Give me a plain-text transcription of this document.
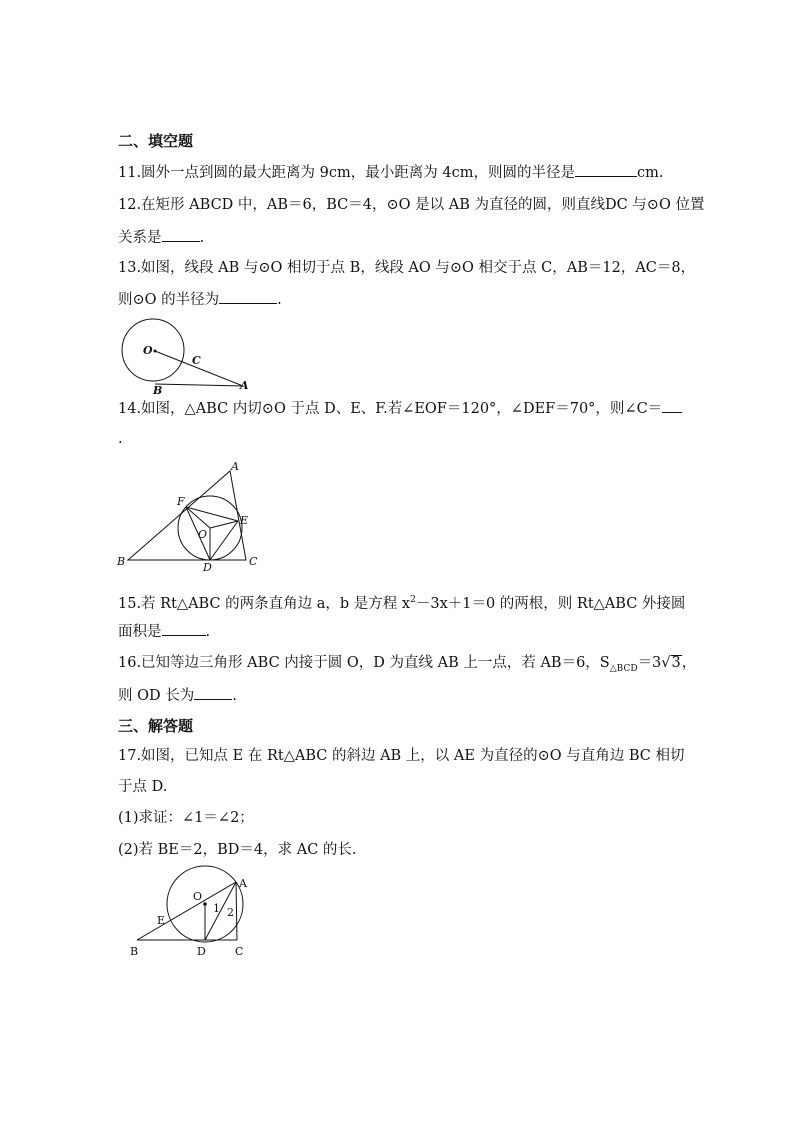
二、填空题
11.圆外一点到圆的最大距离为 9cm，最小距离为 4cm，则圆的半径是	cm.
12.在矩形 ABCD 中，AB＝6，BC＝4，⊙O 是以 AB 为直径的圆，则直线DC 与⊙O 位置
关系是	.
13.如图，线段 AB 与⊙O 相切于点 B，线段 AO 与⊙O 相交于点 C，AB＝12，AC＝8，
则⊙O 的半径为	.
O
C
B	A
14.如图，△ABC 内切⊙O 于点 D、E、F.若∠EOF＝120°，∠DEF＝70°，则∠C＝
.
A
B	C
D
E
F
O
15.若 Rt△ABC 的两条直角边 a，b 是方程 $x^2-3x+1=0$ 的两根，则 Rt△ABC 外接圆
面积是	.
16.已知等边三角形 ABC 内接于圆 O，D 为直线 AB 上一点，若 AB＝6，$S_{\triangle BCD}=3√3$，
则 OD 长为	.
三、解答题
17.如图，已知点 E 在 Rt△ABC 的斜边 AB 上，以 AE 为直径的⊙O 与直角边 BC 相切
于点 D.
(1)求证：∠1＝∠2；
(2)若 BE＝2，BD＝4，求 AC 的长.
O
A
E
B	D	C
1 2
